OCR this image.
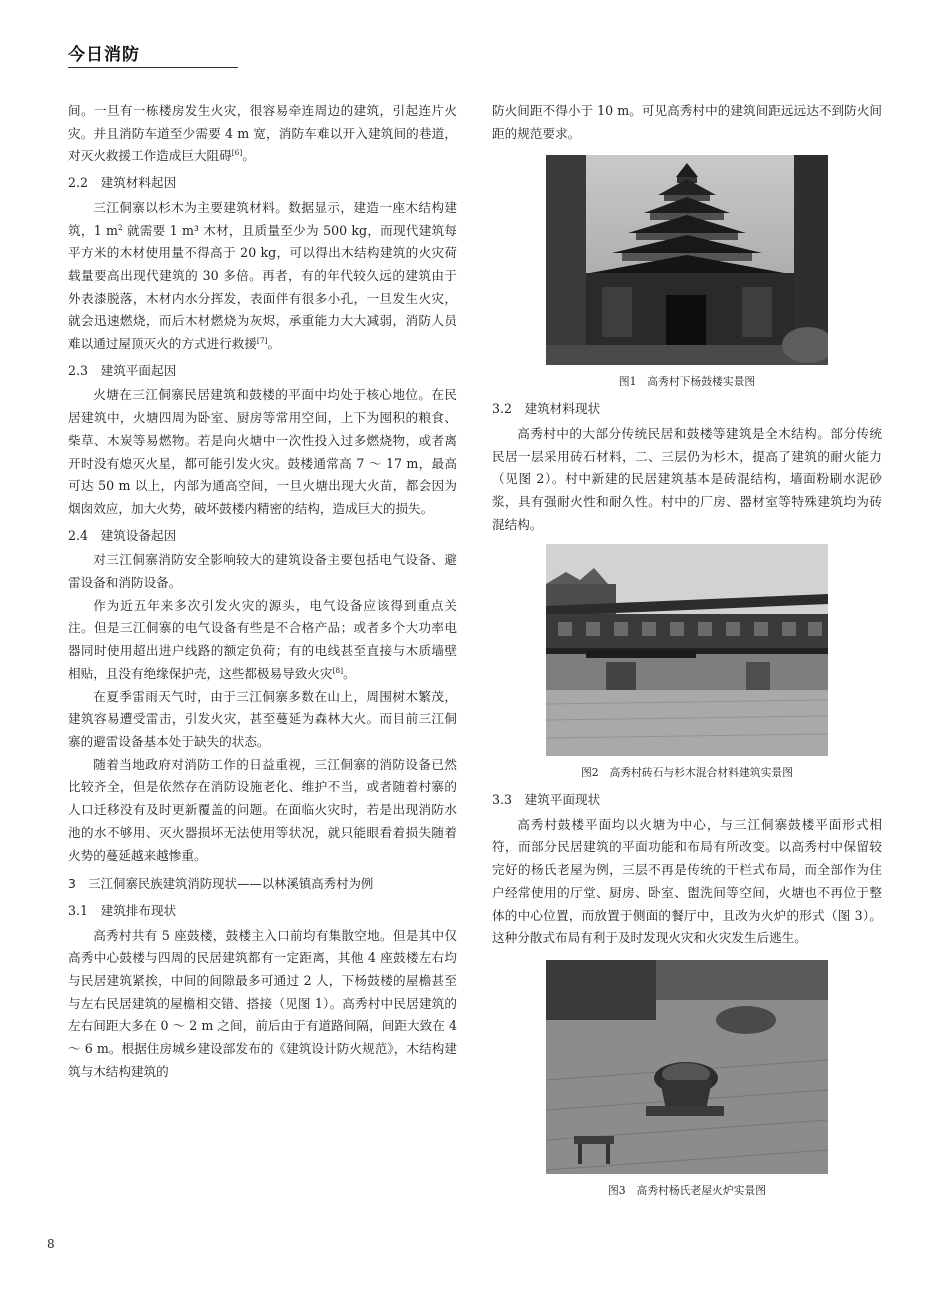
今日消防

间。一旦有一栋楼房发生火灾，很容易牵连周边的建筑，引起连片火灾。并且消防车道至少需要 4 m 宽，消防车难以开入建筑间的巷道，对灭火救援工作造成巨大阻碍[6]。

2.2　建筑材料起因

三江侗寨以杉木为主要建筑材料。数据显示，建造一座木结构建筑，1 $m^2$ 就需要 1 m³ 木材，且质量至少为 500 kg，而现代建筑每平方米的木材使用量不得高于 20 kg，可以得出木结构建筑的火灾荷载量要高出现代建筑的 30 多倍。再者，有的年代较久远的建筑由于外表漆脱落，木材内水分挥发，表面伴有很多小孔，一旦发生火灾，就会迅速燃烧，而后木材燃烧为灰烬，承重能力大大减弱，消防人员难以通过屋顶灭火的方式进行救援[7]。

2.3　建筑平面起因

火塘在三江侗寨民居建筑和鼓楼的平面中均处于核心地位。在民居建筑中，火塘四周为卧室、厨房等常用空间，上下为囤积的粮食、柴草、木炭等易燃物。若是向火塘中一次性投入过多燃烧物，或者离开时没有熄灭火星，都可能引发火灾。鼓楼通常高 7 ～ 17 m，最高可达 50 m 以上，内部为通高空间，一旦火塘出现大火苗，都会因为烟囱效应，加大火势，破坏鼓楼内精密的结构，造成巨大的损失。

2.4　建筑设备起因

对三江侗寨消防安全影响较大的建筑设备主要包括电气设备、避雷设备和消防设备。

作为近五年来多次引发火灾的源头，电气设备应该得到重点关注。但是三江侗寨的电气设备有些是不合格产品；或者多个大功率电器同时使用超出进户线路的额定负荷；有的电线甚至直接与木质墙壁相贴，且没有绝缘保护壳，这些都极易导致火灾[8]。

在夏季雷雨天气时，由于三江侗寨多数在山上，周围树木繁茂，建筑容易遭受雷击，引发火灾，甚至蔓延为森林大火。而目前三江侗寨的避雷设备基本处于缺失的状态。

随着当地政府对消防工作的日益重视，三江侗寨的消防设备已然比较齐全，但是依然存在消防设施老化、维护不当，或者随着村寨的人口迁移没有及时更新覆盖的问题。在面临火灾时，若是出现消防水池的水不够用、灭火器损坏无法使用等状况，就只能眼看着损失随着火势的蔓延越来越惨重。

3　三江侗寨民族建筑消防现状——以林溪镇高秀村为例
3.1　建筑排布现状

高秀村共有 5 座鼓楼，鼓楼主入口前均有集散空地。但是其中仅高秀中心鼓楼与四周的民居建筑都有一定距离，其他 4 座鼓楼左右均与民居建筑紧挨，中间的间隙最多可通过 2 人，下杨鼓楼的屋檐甚至与左右民居建筑的屋檐相交错、搭接（见图 1）。高秀村中民居建筑的左右间距大多在 0 ～ 2 m 之间，前后由于有道路间隔，间距大致在 4 ～ 6 m。根据住房城乡建设部发布的《建筑设计防火规范》，木结构建筑与木结构建筑的

防火间距不得小于 10 m。可见高秀村中的建筑间距远远达不到防火间距的规范要求。

图1　高秀村下杨鼓楼实景图
3.2　建筑材料现状

高秀村中的大部分传统民居和鼓楼等建筑是全木结构。部分传统民居一层采用砖石材料，二、三层仍为杉木，提高了建筑的耐火能力（见图 2）。村中新建的民居建筑基本是砖混结构，墙面粉刷水泥砂浆，具有强耐火性和耐久性。村中的厂房、器材室等特殊建筑均为砖混结构。

图2　高秀村砖石与杉木混合材料建筑实景图
3.3　建筑平面现状

高秀村鼓楼平面均以火塘为中心，与三江侗寨鼓楼平面形式相符，而部分民居建筑的平面功能和布局有所改变。以高秀村中保留较完好的杨氏老屋为例，三层不再是传统的干栏式布局，而全部作为住户经常使用的厅堂、厨房、卧室、盥洗间等空间，火塘也不再位于整体的中心位置，而放置于侧面的餐厅中，且改为火炉的形式（图 3）。这种分散式布局有利于及时发现火灾和火灾发生后逃生。

图3　高秀村杨氏老屋火炉实景图
8
